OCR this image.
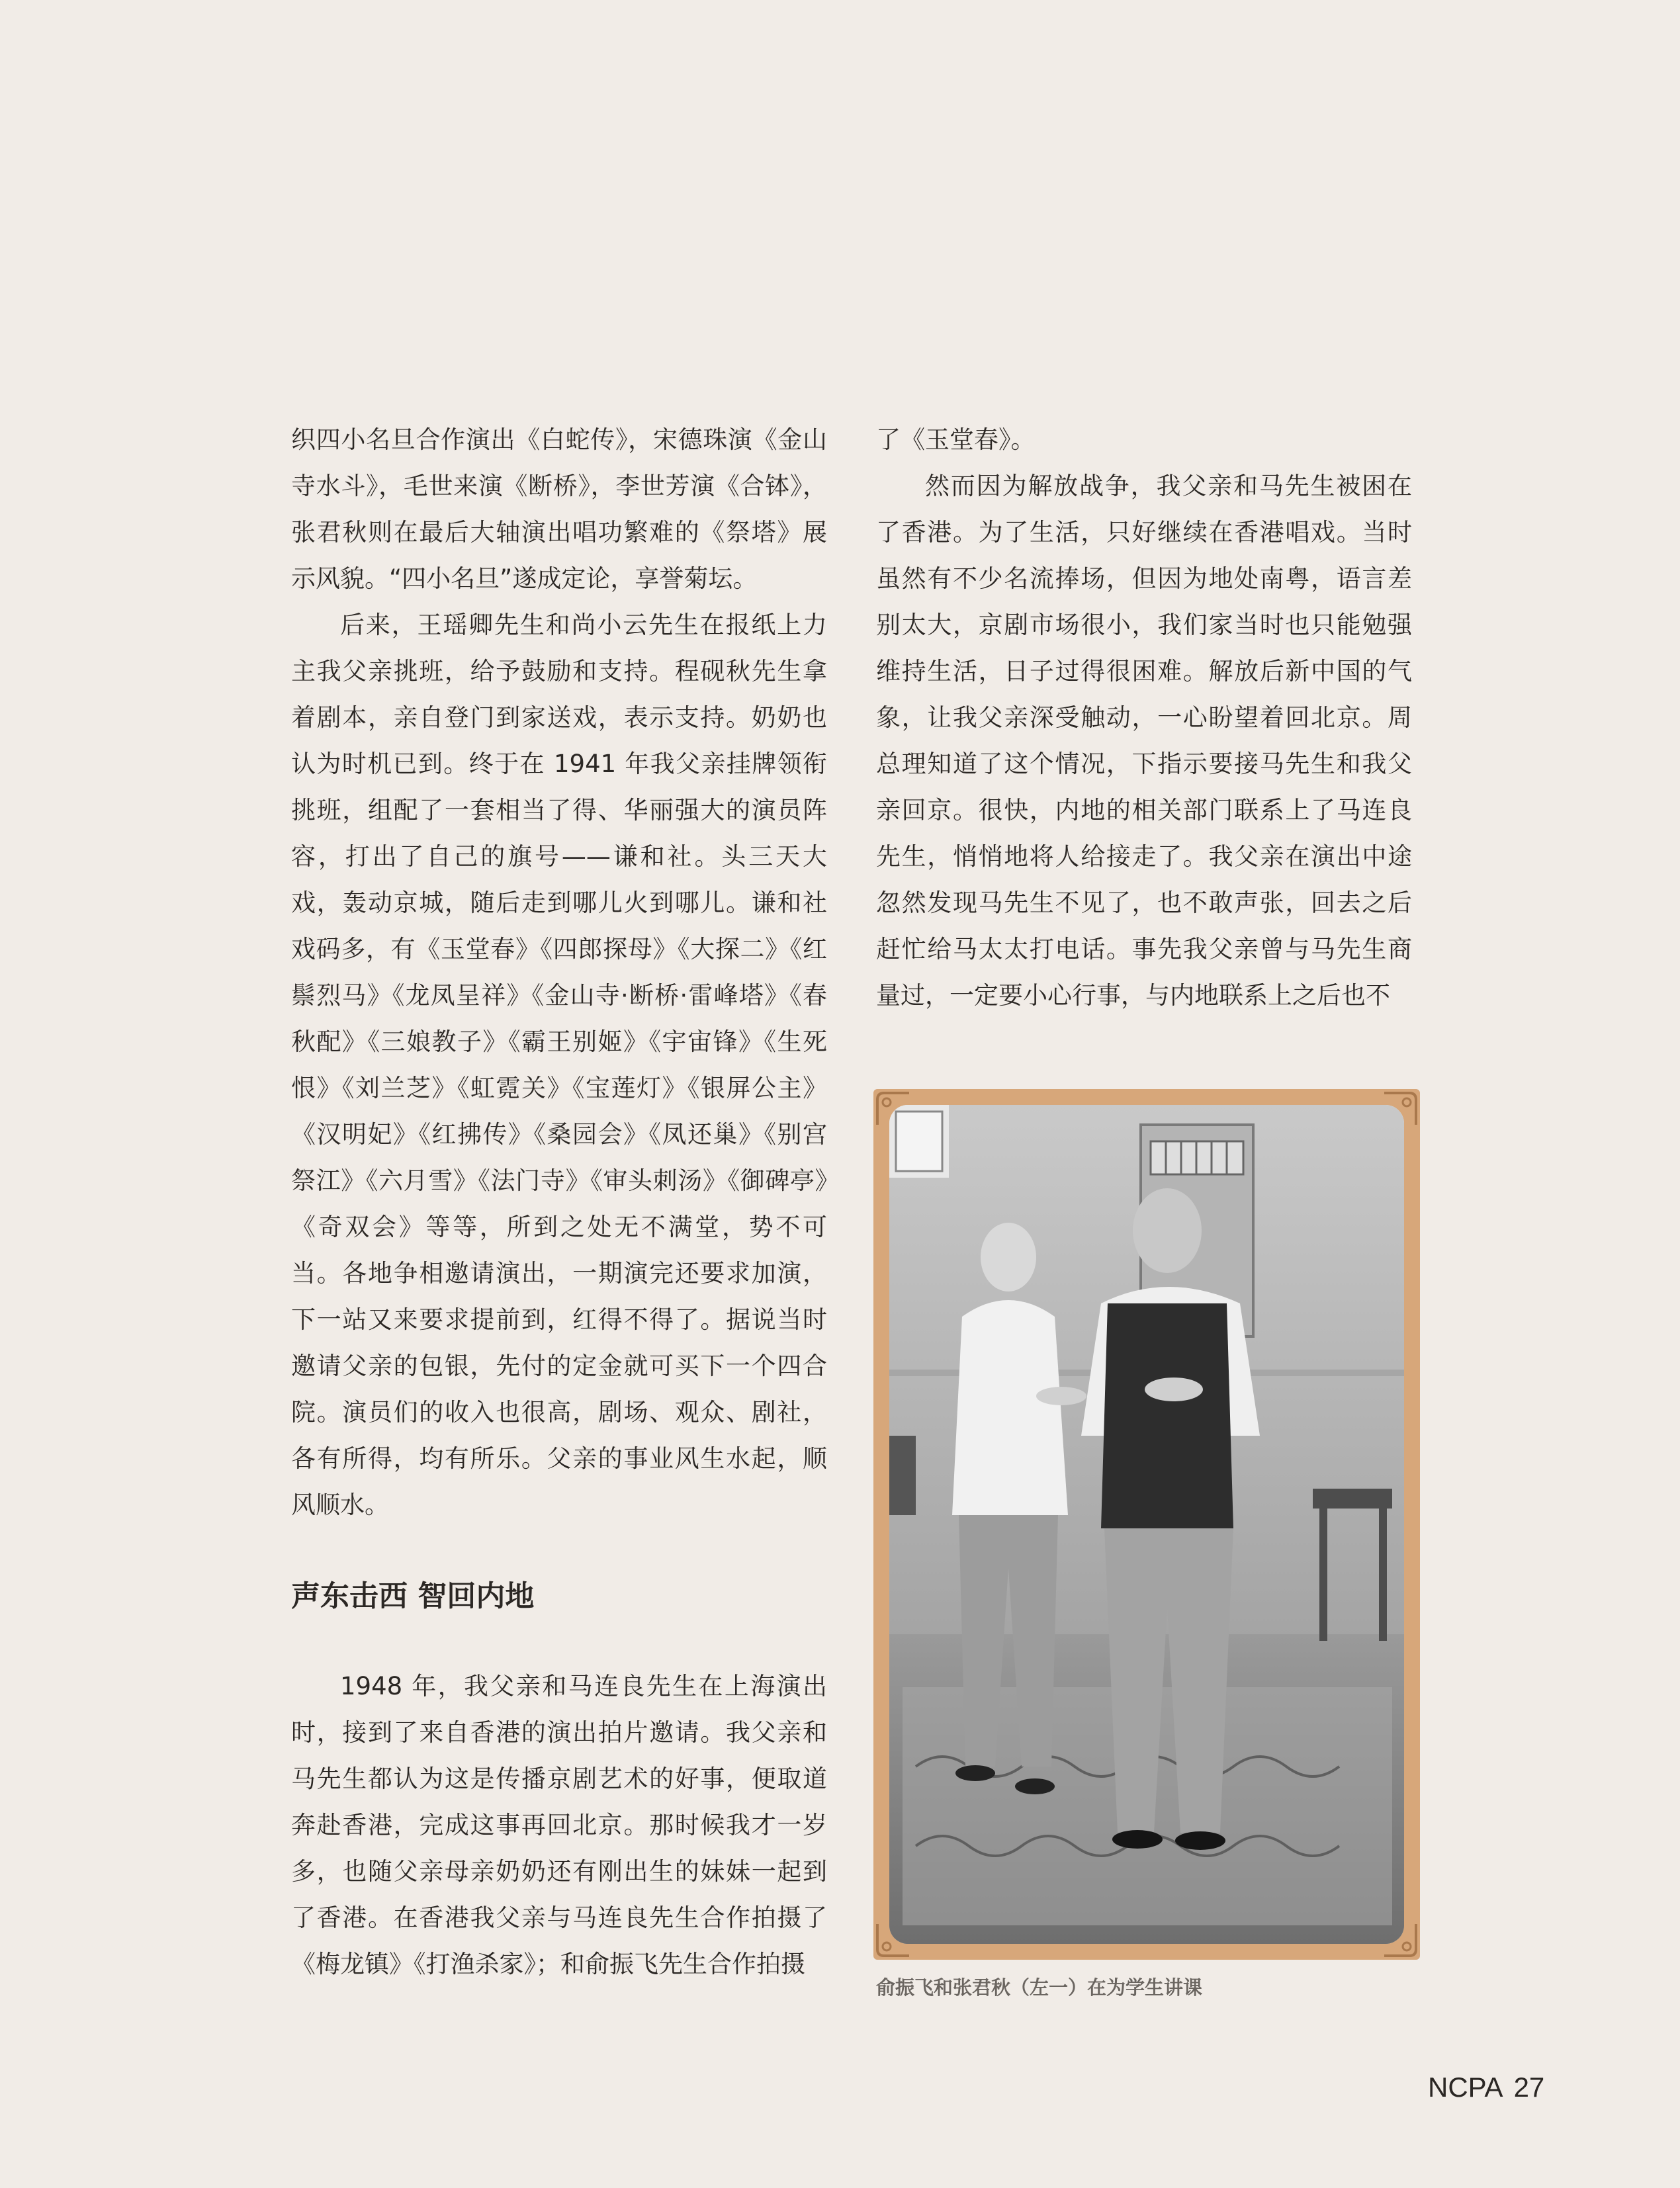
织四小名旦合作演出《白蛇传》，宋德珠演《金山寺水斗》，毛世来演《断桥》，李世芳演《合钵》，张君秋则在最后大轴演出唱功繁难的《祭塔》展示风貌。“四小名旦”遂成定论，享誉菊坛。

后来，王瑶卿先生和尚小云先生在报纸上力主我父亲挑班，给予鼓励和支持。程砚秋先生拿着剧本，亲自登门到家送戏，表示支持。奶奶也认为时机已到。终于在 1941 年我父亲挂牌领衔挑班，组配了一套相当了得、华丽强大的演员阵容，打出了自己的旗号——谦和社。头三天大戏，轰动京城，随后走到哪儿火到哪儿。谦和社戏码多，有《玉堂春》《四郎探母》《大探二》《红鬃烈马》《龙凤呈祥》《金山寺·断桥·雷峰塔》《春秋配》《三娘教子》《霸王别姬》《宇宙锋》《生死恨》《刘兰芝》《虹霓关》《宝莲灯》《银屏公主》《汉明妃》《红拂传》《桑园会》《凤还巢》《别宫祭江》《六月雪》《法门寺》《审头刺汤》《御碑亭》《奇双会》等等，所到之处无不满堂，势不可当。各地争相邀请演出，一期演完还要求加演，下一站又来要求提前到，红得不得了。据说当时邀请父亲的包银，先付的定金就可买下一个四合院。演员们的收入也很高，剧场、观众、剧社，各有所得，均有所乐。父亲的事业风生水起，顺风顺水。

声东击西 智回内地

1948 年，我父亲和马连良先生在上海演出时，接到了来自香港的演出拍片邀请。我父亲和马先生都认为这是传播京剧艺术的好事，便取道奔赴香港，完成这事再回北京。那时候我才一岁多，也随父亲母亲奶奶还有刚出生的妹妹一起到了香港。在香港我父亲与马连良先生合作拍摄了《梅龙镇》《打渔杀家》；和俞振飞先生合作拍摄

了《玉堂春》。

然而因为解放战争，我父亲和马先生被困在了香港。为了生活，只好继续在香港唱戏。当时虽然有不少名流捧场，但因为地处南粤，语言差别太大，京剧市场很小，我们家当时也只能勉强维持生活，日子过得很困难。解放后新中国的气象，让我父亲深受触动，一心盼望着回北京。周总理知道了这个情况，下指示要接马先生和我父亲回京。很快，内地的相关部门联系上了马连良先生，悄悄地将人给接走了。我父亲在演出中途忽然发现马先生不见了，也不敢声张，回去之后赶忙给马太太打电话。事先我父亲曾与马先生商量过，一定要小心行事，与内地联系上之后也不

俞振飞和张君秋（左一）在为学生讲课
NCPA 27
